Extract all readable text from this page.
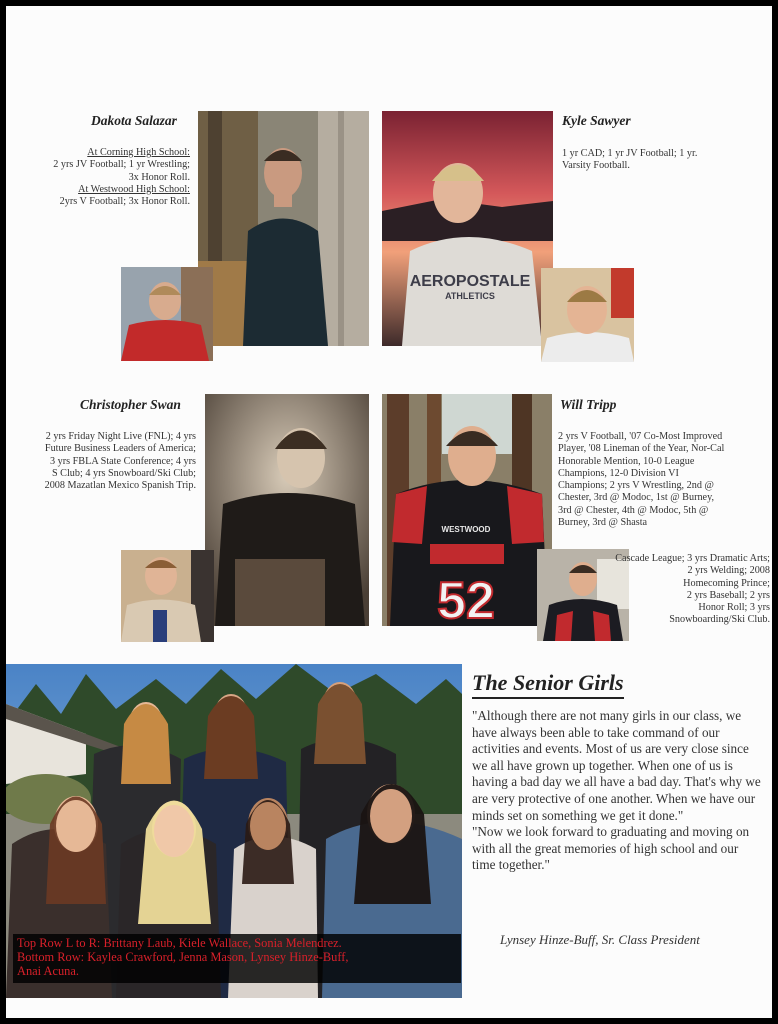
Dakota Salazar
At Corning High School:
2 yrs JV Football; 1 yr Wrestling;
3x Honor Roll.
At Westwood High School:
2yrs V Football; 3x Honor Roll.
AEROPOSTALE
ATHLETICS
Kyle Sawyer
1 yr CAD; 1 yr JV Football; 1 yr.
Varsity Football.
Christopher Swan
2 yrs Friday Night Live (FNL); 4 yrs
Future Business Leaders of America;
3 yrs FBLA State Conference; 4 yrs
S Club; 4 yrs Snowboard/Ski Club;
2008 Mazatlan Mexico Spanish Trip.
WESTWOOD
52
Will Tripp
2 yrs V Football, '07 Co-Most Improved
Player, '08 Lineman of the Year, Nor-Cal
Honorable Mention, 10-0 League
Champions, 12-0 Division VI
Champions; 2 yrs V Wrestling, 2nd @
Chester, 3rd @ Modoc, 1st @ Burney,
3rd @ Chester, 4th @ Modoc, 5th @
Burney, 3rd @ Shasta
Cascade League; 3 yrs Dramatic Arts;
2 yrs Welding; 2008
Homecoming Prince;
2 yrs Baseball; 2 yrs
Honor Roll; 3 yrs
Snowboarding/Ski Club.
Top Row L to R: Brittany Laub, Kiele Wallace, Sonia Melendrez.
Bottom Row: Kaylea Crawford, Jenna Mason, Lynsey Hinze-Buff,
Anai Acuna.
The Senior Girls
"Although there are not many girls in our class, we have always been able to take command of our activities and events. Most of us are very close since we all have grown up together. When one of us is having a bad day we all have a bad day. That's why we are very protective of one another. When we have our minds set on something we get it done."
"Now we look forward to graduating and moving on with all the great memories of high school and our time together."
Lynsey Hinze-Buff, Sr. Class President
